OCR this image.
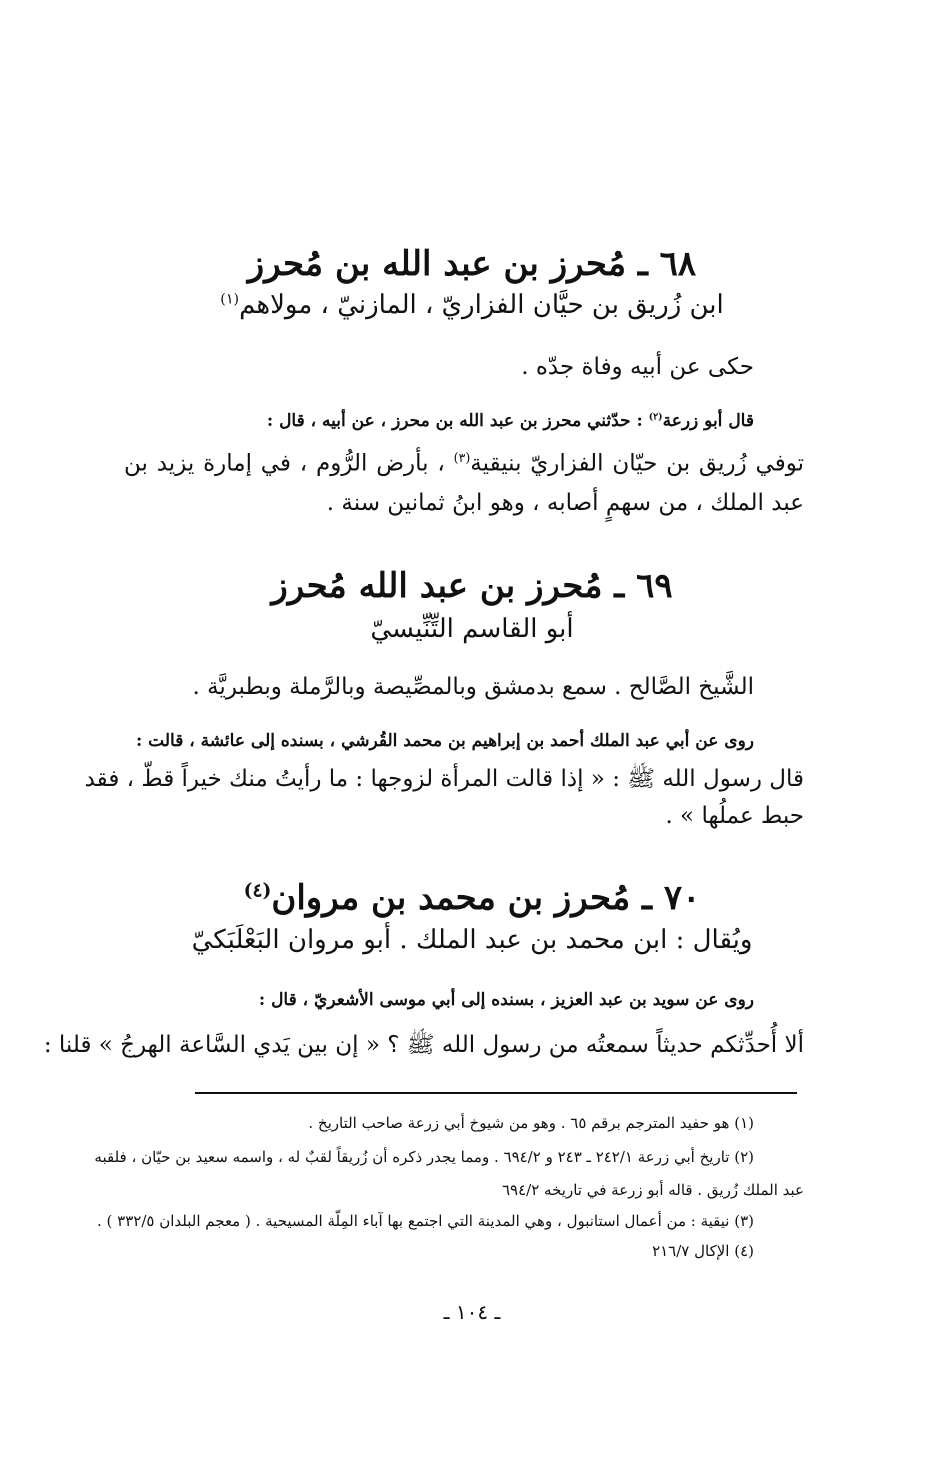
٦٨ ـ مُحرز بن عبد الله بن مُحرز
ابن زُريق بن حيَّان الفزاريّ ، المازنيّ ، مولاهم$^{(١)}$
حكى عن أبيه وفاة جدّه .
قال أبو زرعة$^{(٢)}$ : حدّثني محرز بن عبد الله بن محرز ، عن أبيه ، قال :
توفي زُريق بن حيّان الفزاريّ بنيقية$^{(٣)}$ ، بأرض الرُّوم ، في إمارة يزيد بن
عبد الملك ، من سهمٍ أصابه ، وهو ابنُ ثمانين سنة .
٦٩ ـ مُحرز بن عبد الله مُحرز
أبو القاسم التِّنِّيسيّ
الشَّيخ الصَّالح . سمع بدمشق وبالمصِّيصة وبالرَّملة وبطبريَّة .
روى عن أبي عبد الملك أحمد بن إبراهيم بن محمد القُرشي ، بسنده إلى عائشة ، قالت :
قال رسول الله ﷺ : « إذا قالت المرأة لزوجها : ما رأيتُ منك خيراً قطّ ، فقد
حبط عملُها » .
٧٠ ـ مُحرز بن محمد بن مروان$^{(٤)}$
ويُقال : ابن محمد بن عبد الملك . أبو مروان البَعْلَبَكيّ
روى عن سويد بن عبد العزيز ، بسنده إلى أبي موسى الأشعريّ ، قال :
ألا أُحدِّثكم حديثاً سمعتُه من رسول الله ﷺ ؟ « إن بين يَدي السَّاعة الهرجُ » قلنا :
(١) هو حفيد المترجم برقم ٦٥ . وهو من شيوخ أبي زرعة صاحب التاريخ .
(٢) تاريخ أبي زرعة ٢٤٢/١ ـ ٢٤٣ و ٦٩٤/٢ . ومما يجدر ذكره أن زُريقاً لقبٌ له ، واسمه سعيد بن حيّان ، فلقبه
عبد الملك زُريق . قاله أبو زرعة في تاريخه ٦٩٤/٢
(٣) نيقية : من أعمال استانبول ، وهي المدينة التي اجتمع بها آباء المِلّة المسيحية . ( معجم البلدان ٣٣٢/٥ ) .
(٤) الإكال ٢١٦/٧
ـ ١٠٤ ـ
